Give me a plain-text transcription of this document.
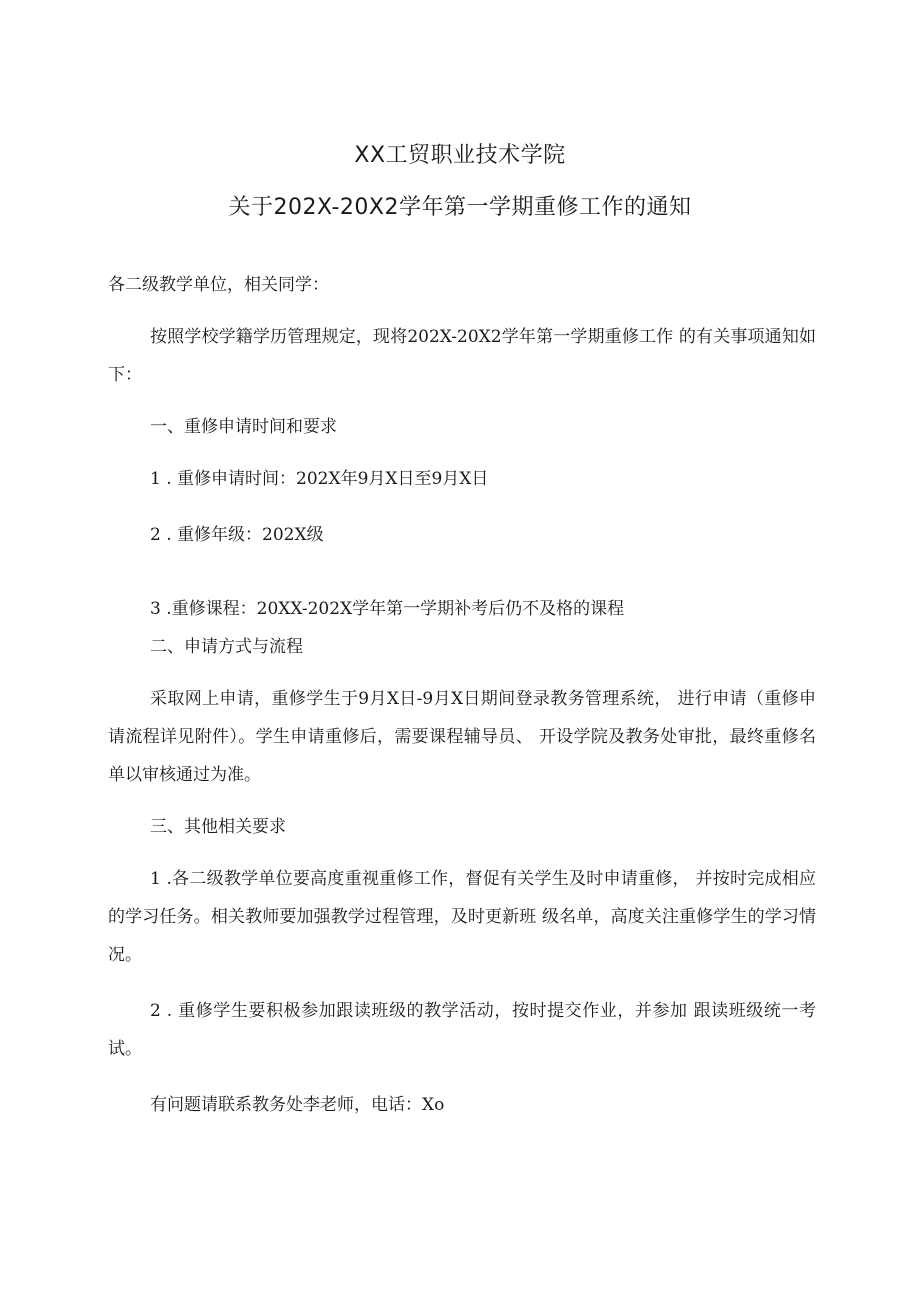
XX工贸职业技术学院
关于202X-20X2学年第一学期重修工作的通知

各二级教学单位，相关同学：

按照学校学籍学历管理规定，现将202X-20X2学年第一学期重修工作 的有关事项通知如下：

一、重修申请时间和要求

1 . 重修申请时间：202X年9月X日至9月X日

2 . 重修年级：202X级

3 .重修课程：20XX-202X学年第一学期补考后仍不及格的课程

二、申请方式与流程

采取网上申请，重修学生于9月X日-9月X日期间登录教务管理系统， 进行申请（重修申请流程详见附件）。学生申请重修后，需要课程辅导员、 开设学院及教务处审批，最终重修名单以审核通过为准。

三、其他相关要求

1 .各二级教学单位要高度重视重修工作，督促有关学生及时申请重修， 并按时完成相应的学习任务。相关教师要加强教学过程管理，及时更新班 级名单，高度关注重修学生的学习情况。

2 . 重修学生要积极参加跟读班级的教学活动，按时提交作业，并参加 跟读班级统一考试。

有问题请联系教务处李老师，电话：Xo
